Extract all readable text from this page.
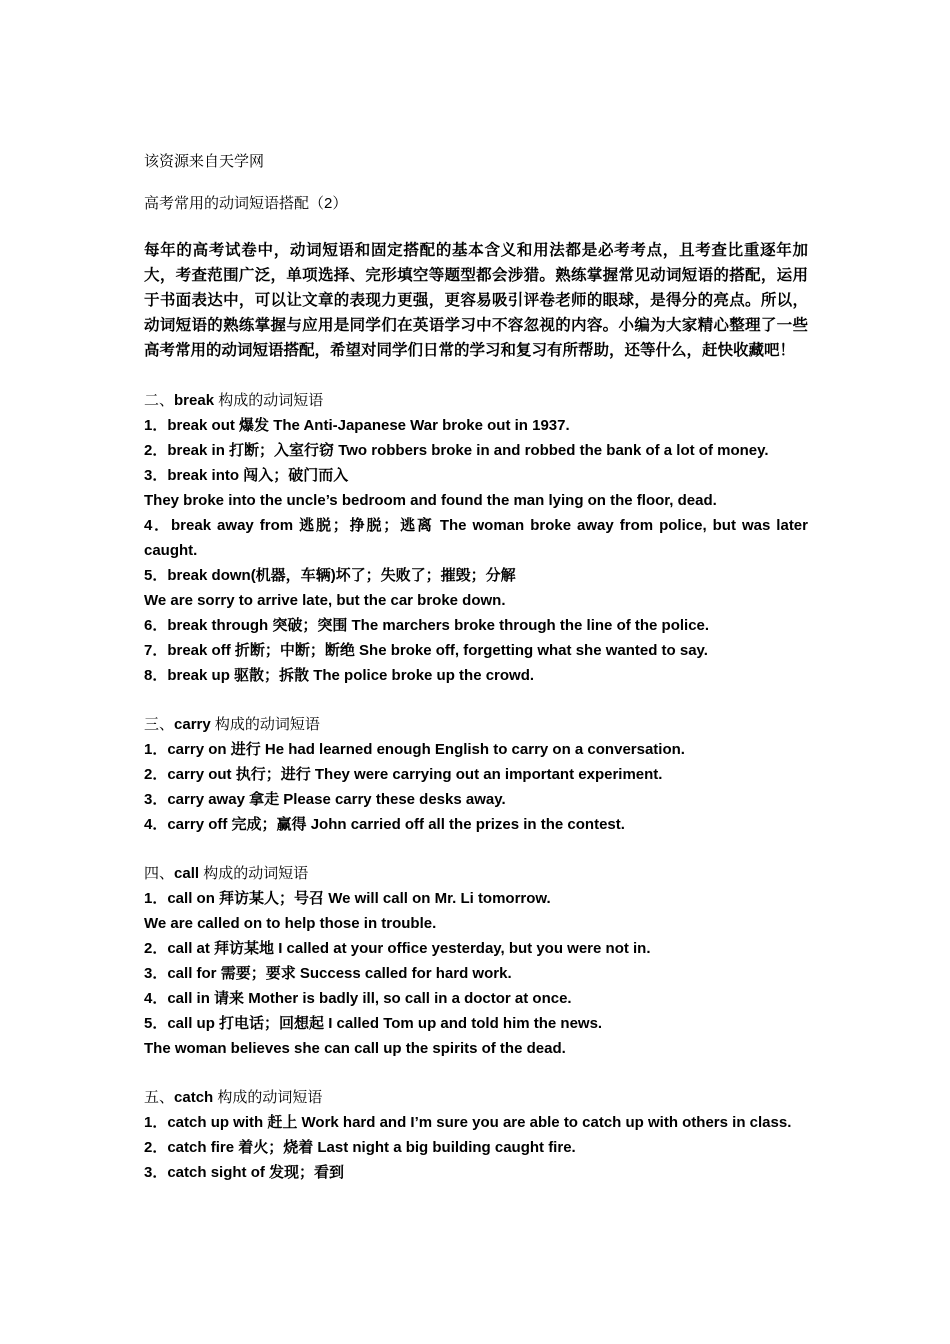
该资源来自天学网

高考常用的动词短语搭配（2）

每年的高考试卷中，动词短语和固定搭配的基本含义和用法都是必考考点，且考查比重逐年加大，考查范围广泛，单项选择、完形填空等题型都会涉猎。熟练掌握常见动词短语的搭配，运用于书面表达中，可以让文章的表现力更强，更容易吸引评卷老师的眼球，是得分的亮点。所以，动词短语的熟练掌握与应用是同学们在英语学习中不容忽视的内容。小编为大家精心整理了一些高考常用的动词短语搭配，希望对同学们日常的学习和复习有所帮助，还等什么，赶快收藏吧！

二、break 构成的动词短语

1．break out 爆发 The Anti-Japanese War broke out in 1937.

2．break in 打断；入室行窃 Two robbers broke in and robbed the bank of a lot of money.

3．break into 闯入；破门而入

They broke into the uncle’s bedroom and found the man lying on the floor, dead.

4．break away from 逃脱；挣脱；逃离 The woman broke away from police, but was later caught.

5．break down(机器，车辆)坏了；失败了；摧毁；分解

We are sorry to arrive late, but the car broke down.

6．break through 突破；突围 The marchers broke through the line of the police.

7．break off 折断；中断；断绝 She broke off, forgetting what she wanted to say.

8．break up 驱散；拆散 The police broke up the crowd.

三、carry 构成的动词短语

1．carry on 进行 He had learned enough English to carry on a conversation.

2．carry out 执行；进行 They were carrying out an important experiment.

3．carry away 拿走 Please carry these desks away.

4．carry off 完成；赢得 John carried off all the prizes in the contest.

四、call 构成的动词短语

1．call on 拜访某人；号召 We will call on Mr. Li tomorrow.

We are called on to help those in trouble.

2．call at 拜访某地 I called at your office yesterday, but you were not in.

3．call for 需要；要求 Success called for hard work.

4．call in 请来 Mother is badly ill, so call in a doctor at once.

5．call up 打电话；回想起 I called Tom up and told him the news.

The woman believes she can call up the spirits of the dead.

五、catch 构成的动词短语

1．catch up with 赶上 Work hard and I’m sure you are able to catch up with others in class.

2．catch fire 着火；烧着 Last night a big building caught fire.

3．catch sight of 发现；看到
